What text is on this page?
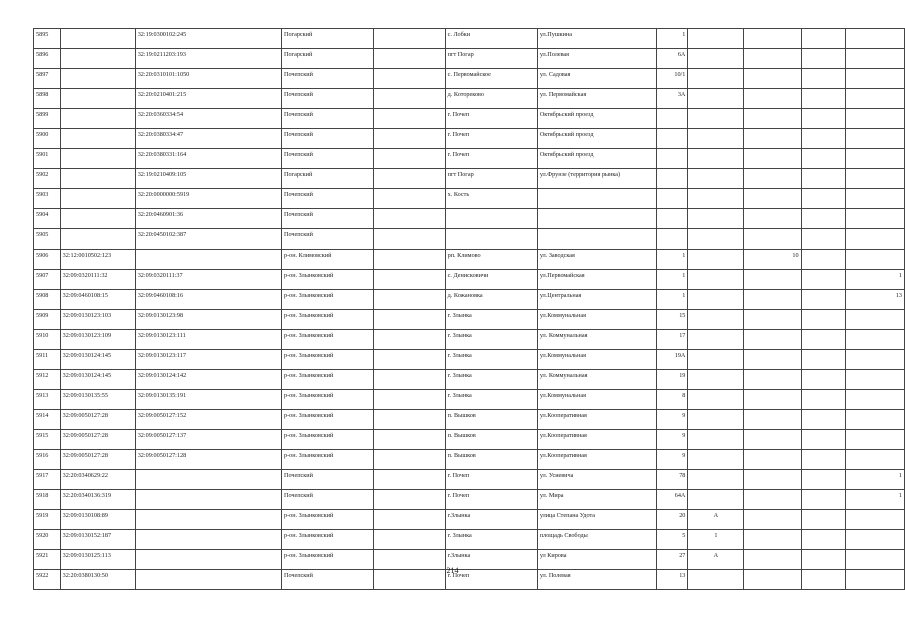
5895		32:19:0300102:245	Погарский		с. Лобки	ул.Пушкина	1				
5896		32:19:0211203:193	Погарский		пгт Погар	ул.Полевая	6А				
5897		32:20:0310101:1050	Почепский		с. Первомайское	ул. Садовая	10/1				
5898		32:20:0210401:215	Почепский		д. Котоpеково	ул. Первомайская	3А				
5899		32:20:0360334:54	Почепский		г. Почеп	Октябрьский проезд					
5900		32:20:0380334:47	Почепский		г. Почеп	Октябрьский проезд					
5901		32:20:0380331:164	Почепский		г. Почеп	Октябрьский проезд					
5902		32:19:0210409:105	Погарский		пгт Погар	ул.Фрунзе (территория рынка)					
5903		32:20:0000000:5919	Почепский		х. Кость						
5904		32:20:0460901:36	Почепский								
5905		32:20:0450102:387	Почепский								
5906	32:12:0010502:123		р-он. Климовский		рп. Климово	ул. Заводская	1		10		
5907	32:09:0320111:32	32:09:0320111:37	р-он. Злынковский		с. Денисковичи	ул.Первомайская	1				1
5908	32:09:0460108:15	32:09:0460108:16	р-он. Злынковский		д. Кожановка	ул.Центральная	1				13
5909	32:09:0130123:103	32:09:0130123:98	р-он. Злынковский		г. Злынка	ул.Коммунальная	15				
5910	32:09:0130123:109	32:09:0130123:111	р-он. Злынковский		г. Злынка	ул. Коммунальная	17				
5911	32:09:0130124:145	32:09:0130123:117	р-он. Злынковский		г. Злынка	ул.Коммунальная	19А				
5912	32:09:0130124:145	32:09:0130124:142	р-он. Злынковский		г. Злынка	ул. Коммунальная	19				
5913	32:09:0130135:55	32:09:0130135:191	р-он. Злынковский		г. Злынка	ул.Коммунальная	8				
5914	32:09:0050127:28	32:09:0050127:152	р-он. Злынковский		п. Вышков	ул.Кооперативная	9				
5915	32:09:0050127:28	32:09:0050127:137	р-он. Злынковский		п. Вышков	ул.Кооперативная	9				
5916	32:09:0050127:28	32:09:0050127:128	р-он. Злынковский		п. Вышков	ул.Кооперативная	9				
5917	32:20:0340629:22		Почепский		г. Почеп	ул. Усиевича	78				1
5918	32:20:0340136:319		Почепский		г. Почеп	ул. Мира	64А				1
5919	32:09:0130108:89		р-он. Злынковский		г.Злынка	улица Степана Удота	20	А			
5920	32:09:0130152:187		р-он. Злынковский		г. Злынка	площадь Свободы	5	1			
5921	32:09:0130125:113		р-он. Злынковский		г.Злынка	ул Кирова	27	А			
5922	32:20:0380130:50		Почепский		г. Почеп	ул. Полевая	13				
214
